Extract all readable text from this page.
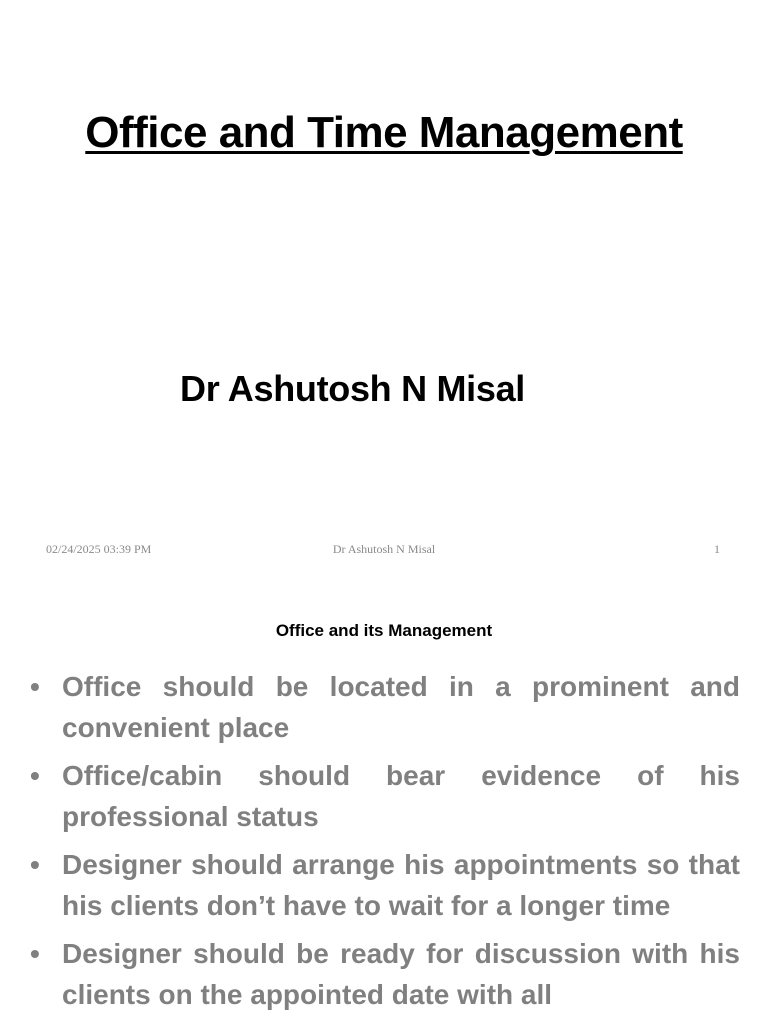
Office and Time Management
Dr Ashutosh N Misal
02/24/2025 03:39 PM	Dr Ashutosh N Misal	1
Office and its Management
• Office should be located in a prominent and convenient place
• Office/cabin should bear evidence of his professional status
• Designer should arrange his appointments so that his clients don’t have to wait for a longer time
• Designer should be ready for discussion with his clients on the appointed date with all
